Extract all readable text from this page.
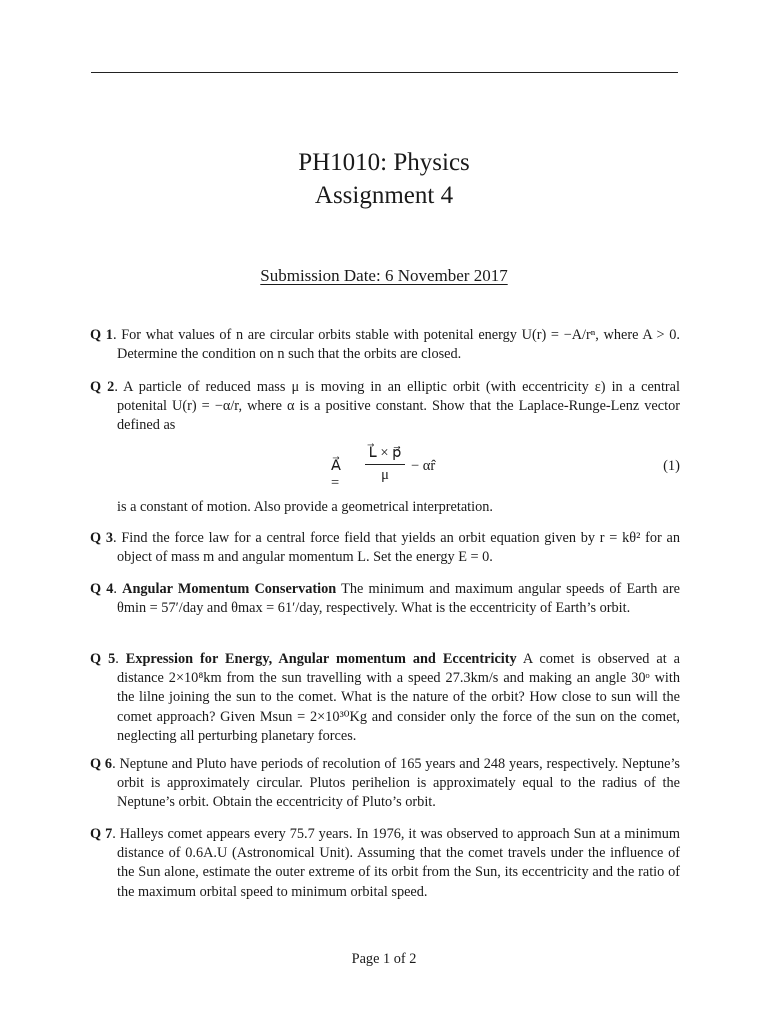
PH1010: Physics
Assignment 4
Submission Date: 6 November 2017
Q 1. For what values of n are circular orbits stable with potenital energy U(r) = −A/rⁿ, where A > 0. Determine the condition on n such that the orbits are closed.
Q 2. A particle of reduced mass μ is moving in an elliptic orbit (with eccentricity ε) in a central potenital U(r) = −α/r, where α is a positive constant. Show that the Laplace-Runge-Lenz vector defined as
A⃗ = $\frac{L⃗ \times p⃗}{\mu}$ − αr̂	(1)
is a constant of motion. Also provide a geometrical interpretation.
Q 3. Find the force law for a central force field that yields an orbit equation given by r = kθ² for an object of mass m and angular momentum L. Set the energy E = 0.
Q 4. Angular Momentum Conservation The minimum and maximum angular speeds of Earth are θmin = 57′/day and θmax = 61′/day, respectively. What is the eccentricity of Earth’s orbit.
Q 5. Expression for Energy, Angular momentum and Eccentricity A comet is observed at a distance 2×10⁸km from the sun travelling with a speed 27.3km/s and making an angle 30ᵒ with the lilne joining the sun to the comet. What is the nature of the orbit? How close to sun will the comet approach? Given Msun = 2×10³⁰Kg and consider only the force of the sun on the comet, neglecting all perturbing planetary forces.
Q 6. Neptune and Pluto have periods of recolution of 165 years and 248 years, respectively. Neptune’s orbit is approximately circular. Plutos perihelion is approximately equal to the radius of the Neptune’s orbit. Obtain the eccentricity of Pluto’s orbit.
Q 7. Halleys comet appears every 75.7 years. In 1976, it was observed to approach Sun at a minimum distance of 0.6A.U (Astronomical Unit). Assuming that the comet travels under the influence of the Sun alone, estimate the outer extreme of its orbit from the Sun, its eccentricity and the ratio of the maximum orbital speed to minimum orbital speed.
Page 1 of 2
